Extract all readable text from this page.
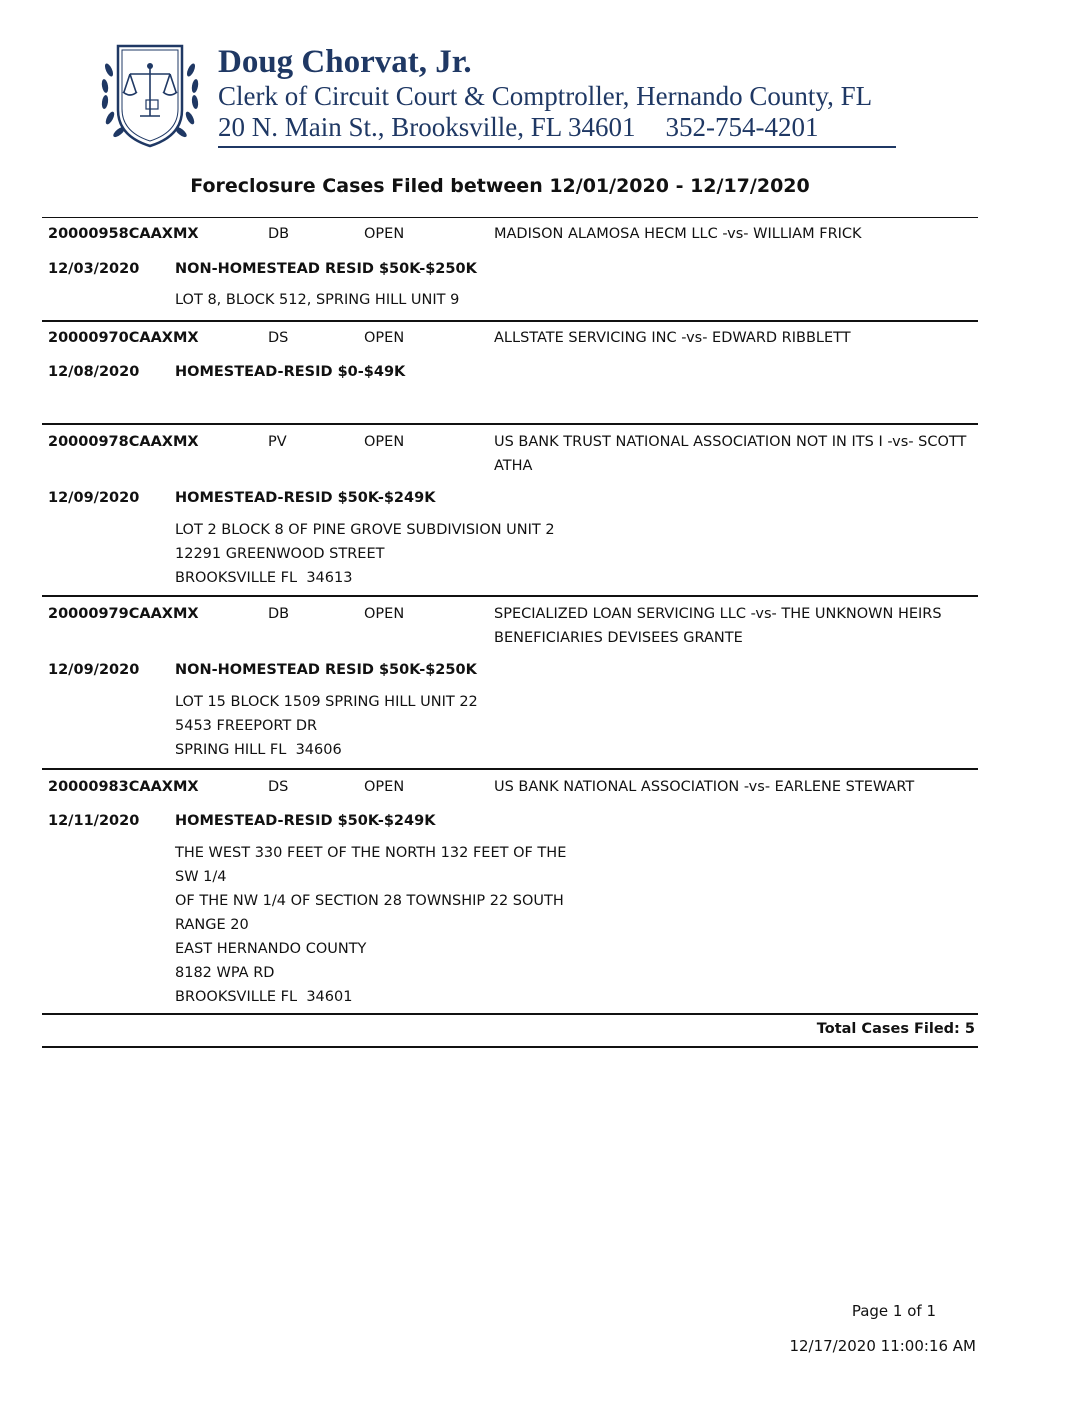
Doug Chorvat, Jr.
Clerk of Circuit Court & Comptroller, Hernando County, FL
20 N. Main St., Brooksville, FL 34601 352-754-4201
Foreclosure Cases Filed between 12/01/2020 - 12/17/2020
20000958CAAXMX	DB	OPEN	MADISON ALAMOSA HECM LLC -vs- WILLIAM FRICK
12/03/2020 NON-HOMESTEAD RESID $50K-$250K
LOT 8, BLOCK 512, SPRING HILL UNIT 9
20000970CAAXMX	DS	OPEN	ALLSTATE SERVICING INC -vs- EDWARD RIBBLETT
12/08/2020 HOMESTEAD-RESID $0-$49K
20000978CAAXMX	PV	OPEN	US BANK TRUST NATIONAL ASSOCIATION NOT IN ITS I -vs- SCOTT ATHA
12/09/2020 HOMESTEAD-RESID $50K-$249K
LOT 2 BLOCK 8 OF PINE GROVE SUBDIVISION UNIT 2
12291 GREENWOOD STREET
BROOKSVILLE FL  34613
20000979CAAXMX	DB	OPEN	SPECIALIZED LOAN SERVICING LLC -vs- THE UNKNOWN HEIRS BENEFICIARIES DEVISEES GRANTE
12/09/2020 NON-HOMESTEAD RESID $50K-$250K
LOT 15 BLOCK 1509 SPRING HILL UNIT 22
5453 FREEPORT DR
SPRING HILL FL  34606
20000983CAAXMX	DS	OPEN	US BANK NATIONAL ASSOCIATION -vs- EARLENE STEWART
12/11/2020 HOMESTEAD-RESID $50K-$249K
THE WEST 330 FEET OF THE NORTH 132 FEET OF THE
SW 1/4
OF THE NW 1/4 OF SECTION 28 TOWNSHIP 22 SOUTH
RANGE 20
EAST HERNANDO COUNTY
8182 WPA RD
BROOKSVILLE FL  34601
Total Cases Filed: 5
Page 1 of 1
12/17/2020 11:00:16 AM
